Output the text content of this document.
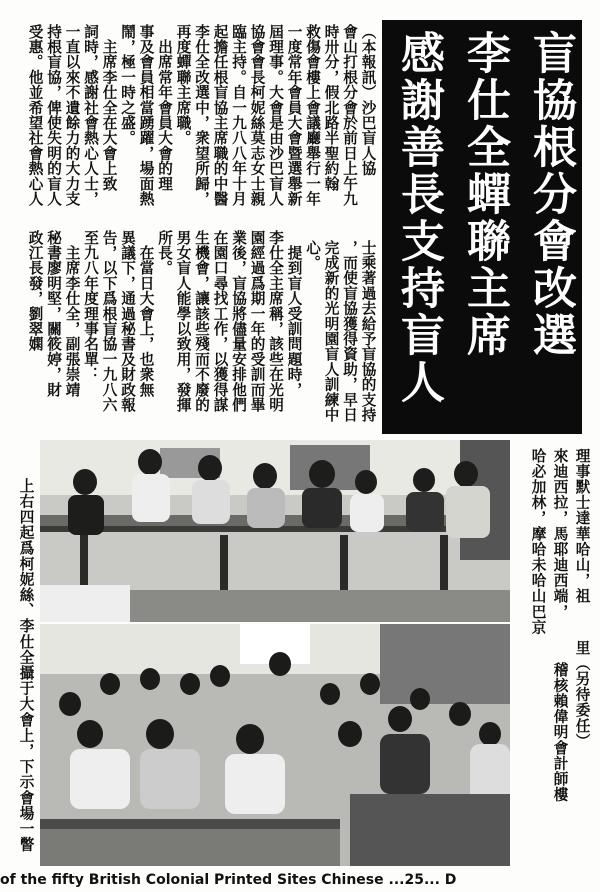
盲協根分會改選
李仕全蟬聯主席
感謝善長支持盲人
（本報訊）沙巴盲人協
會山打根分會於前日上午九
時卅分，假北路半聖約翰
救傷會樓上會議廳舉行一年
一度常年會員大會暨選舉新
屆理事。大會是由沙巴盲人
協會會長柯妮絲莫志女士親
臨主持。自一九八八年十月
起擔任根盲協主席職的中醫
李仕全改選中，衆望所歸，
再度蟬聯主席職。
　出席常年會員大會的理
事及會員相當踴躍，場面熱
鬧，極一時之盛。
　主席李仕全在大會上致
詞時，感謝社會熱心人士，
一直以來不遺餘力的大力支
持根盲協，俾使失明的盲人
受惠。他並希望社會熱心人
士乘著過去給予盲協的支持
，而使盲協獲得資助，早日
完成新的光明園盲人訓練中
心。
　提到盲人受訓問題時，
李仕全主席稱，該些在光明
園經過爲期一年的受訓而畢
業後，盲協將儘量安排他們
在園口尋找工作，以獲得謀
生機會，讓該些殘而不廢的
男女盲人能學以致用，發揮
所長。
　在當日大會上，也衆無
異議下，通過秘書及財政報
告，以下爲根盲協一九八六
至九八年度理事名單：
　主席李仕全，副張崇靖
秘書廖明堅，關筱婷，財
政江長發，劉翠嫻
理事默士達華哈山，祖
來迪西拉，馬耶迪西端，
哈必加林，摩哈未哈山巴京
里（另待委任）
稽核賴偉明會計師樓
上右四起爲柯妮絲、李仕全攝于大會上，下示會場一瞥
of the fifty British Colonial Printed Sites Chinese ...25... D
